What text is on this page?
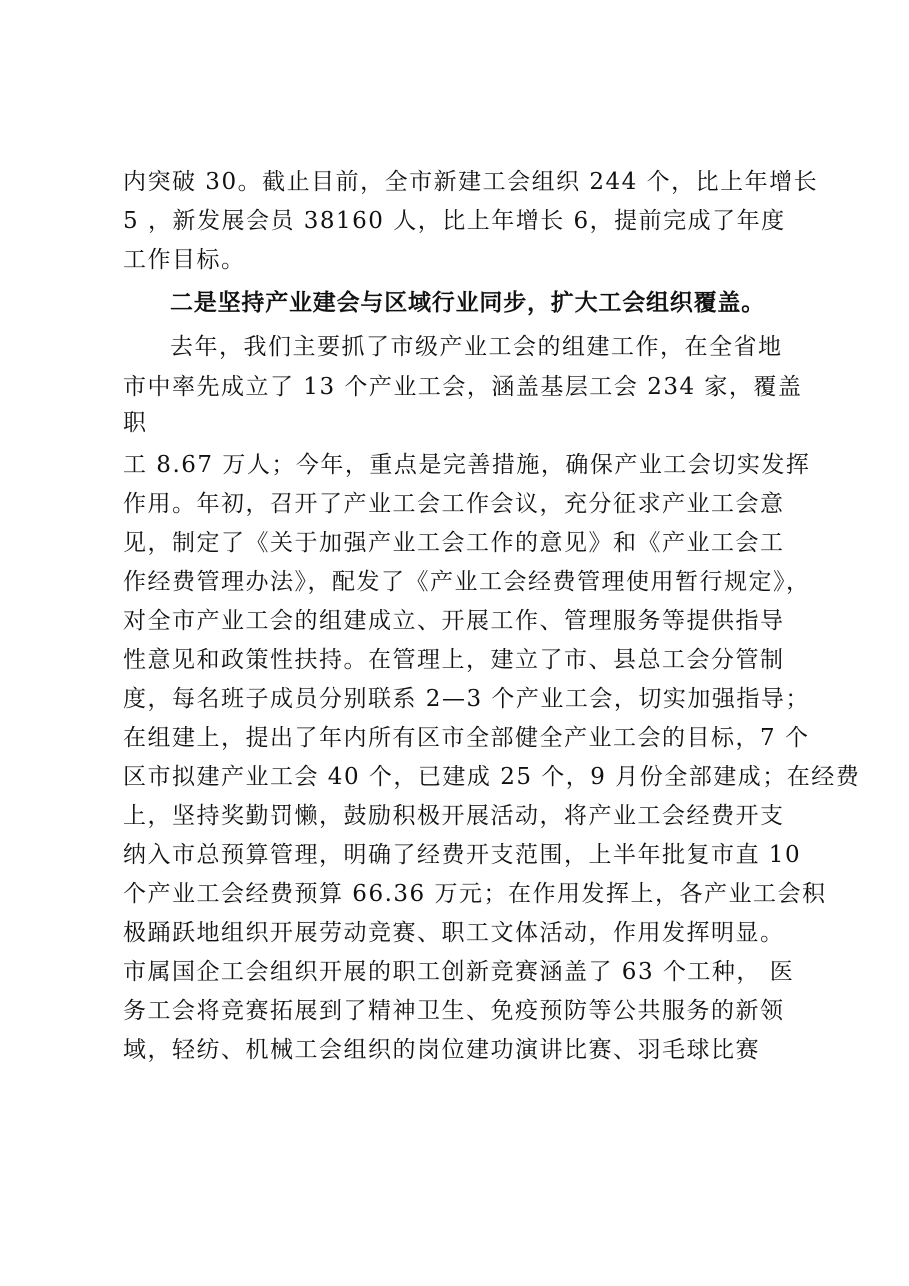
内突破 30。截止目前，全市新建工会组织 244 个，比上年增长
5 ，新发展会员 38160 人，比上年增长 6，提前完成了年度
工作目标。
二是坚持产业建会与区域行业同步，扩大工会组织覆盖。
去年，我们主要抓了市级产业工会的组建工作，在全省地
市中率先成立了 13 个产业工会，涵盖基层工会 234 家，覆盖
职
工 8.67 万人；今年，重点是完善措施，确保产业工会切实发挥
作用。年初，召开了产业工会工作会议，充分征求产业工会意
见，制定了《关于加强产业工会工作的意见》和《产业工会工
作经费管理办法》，配发了《产业工会经费管理使用暂行规定》，
对全市产业工会的组建成立、开展工作、管理服务等提供指导
性意见和政策性扶持。在管理上，建立了市、县总工会分管制
度，每名班子成员分别联系 2—3 个产业工会，切实加强指导；
在组建上，提出了年内所有区市全部健全产业工会的目标，7 个
区市拟建产业工会 40 个，已建成 25 个，9 月份全部建成；在经费
上，坚持奖勤罚懒，鼓励积极开展活动，将产业工会经费开支
纳入市总预算管理，明确了经费开支范围，上半年批复市直 10
个产业工会经费预算 66.36 万元；在作用发挥上，各产业工会积
极踊跃地组织开展劳动竞赛、职工文体活动，作用发挥明显。
市属国企工会组织开展的职工创新竞赛涵盖了 63 个工种， 医
务工会将竞赛拓展到了精神卫生、免疫预防等公共服务的新领
域，轻纺、机械工会组织的岗位建功演讲比赛、羽毛球比赛
